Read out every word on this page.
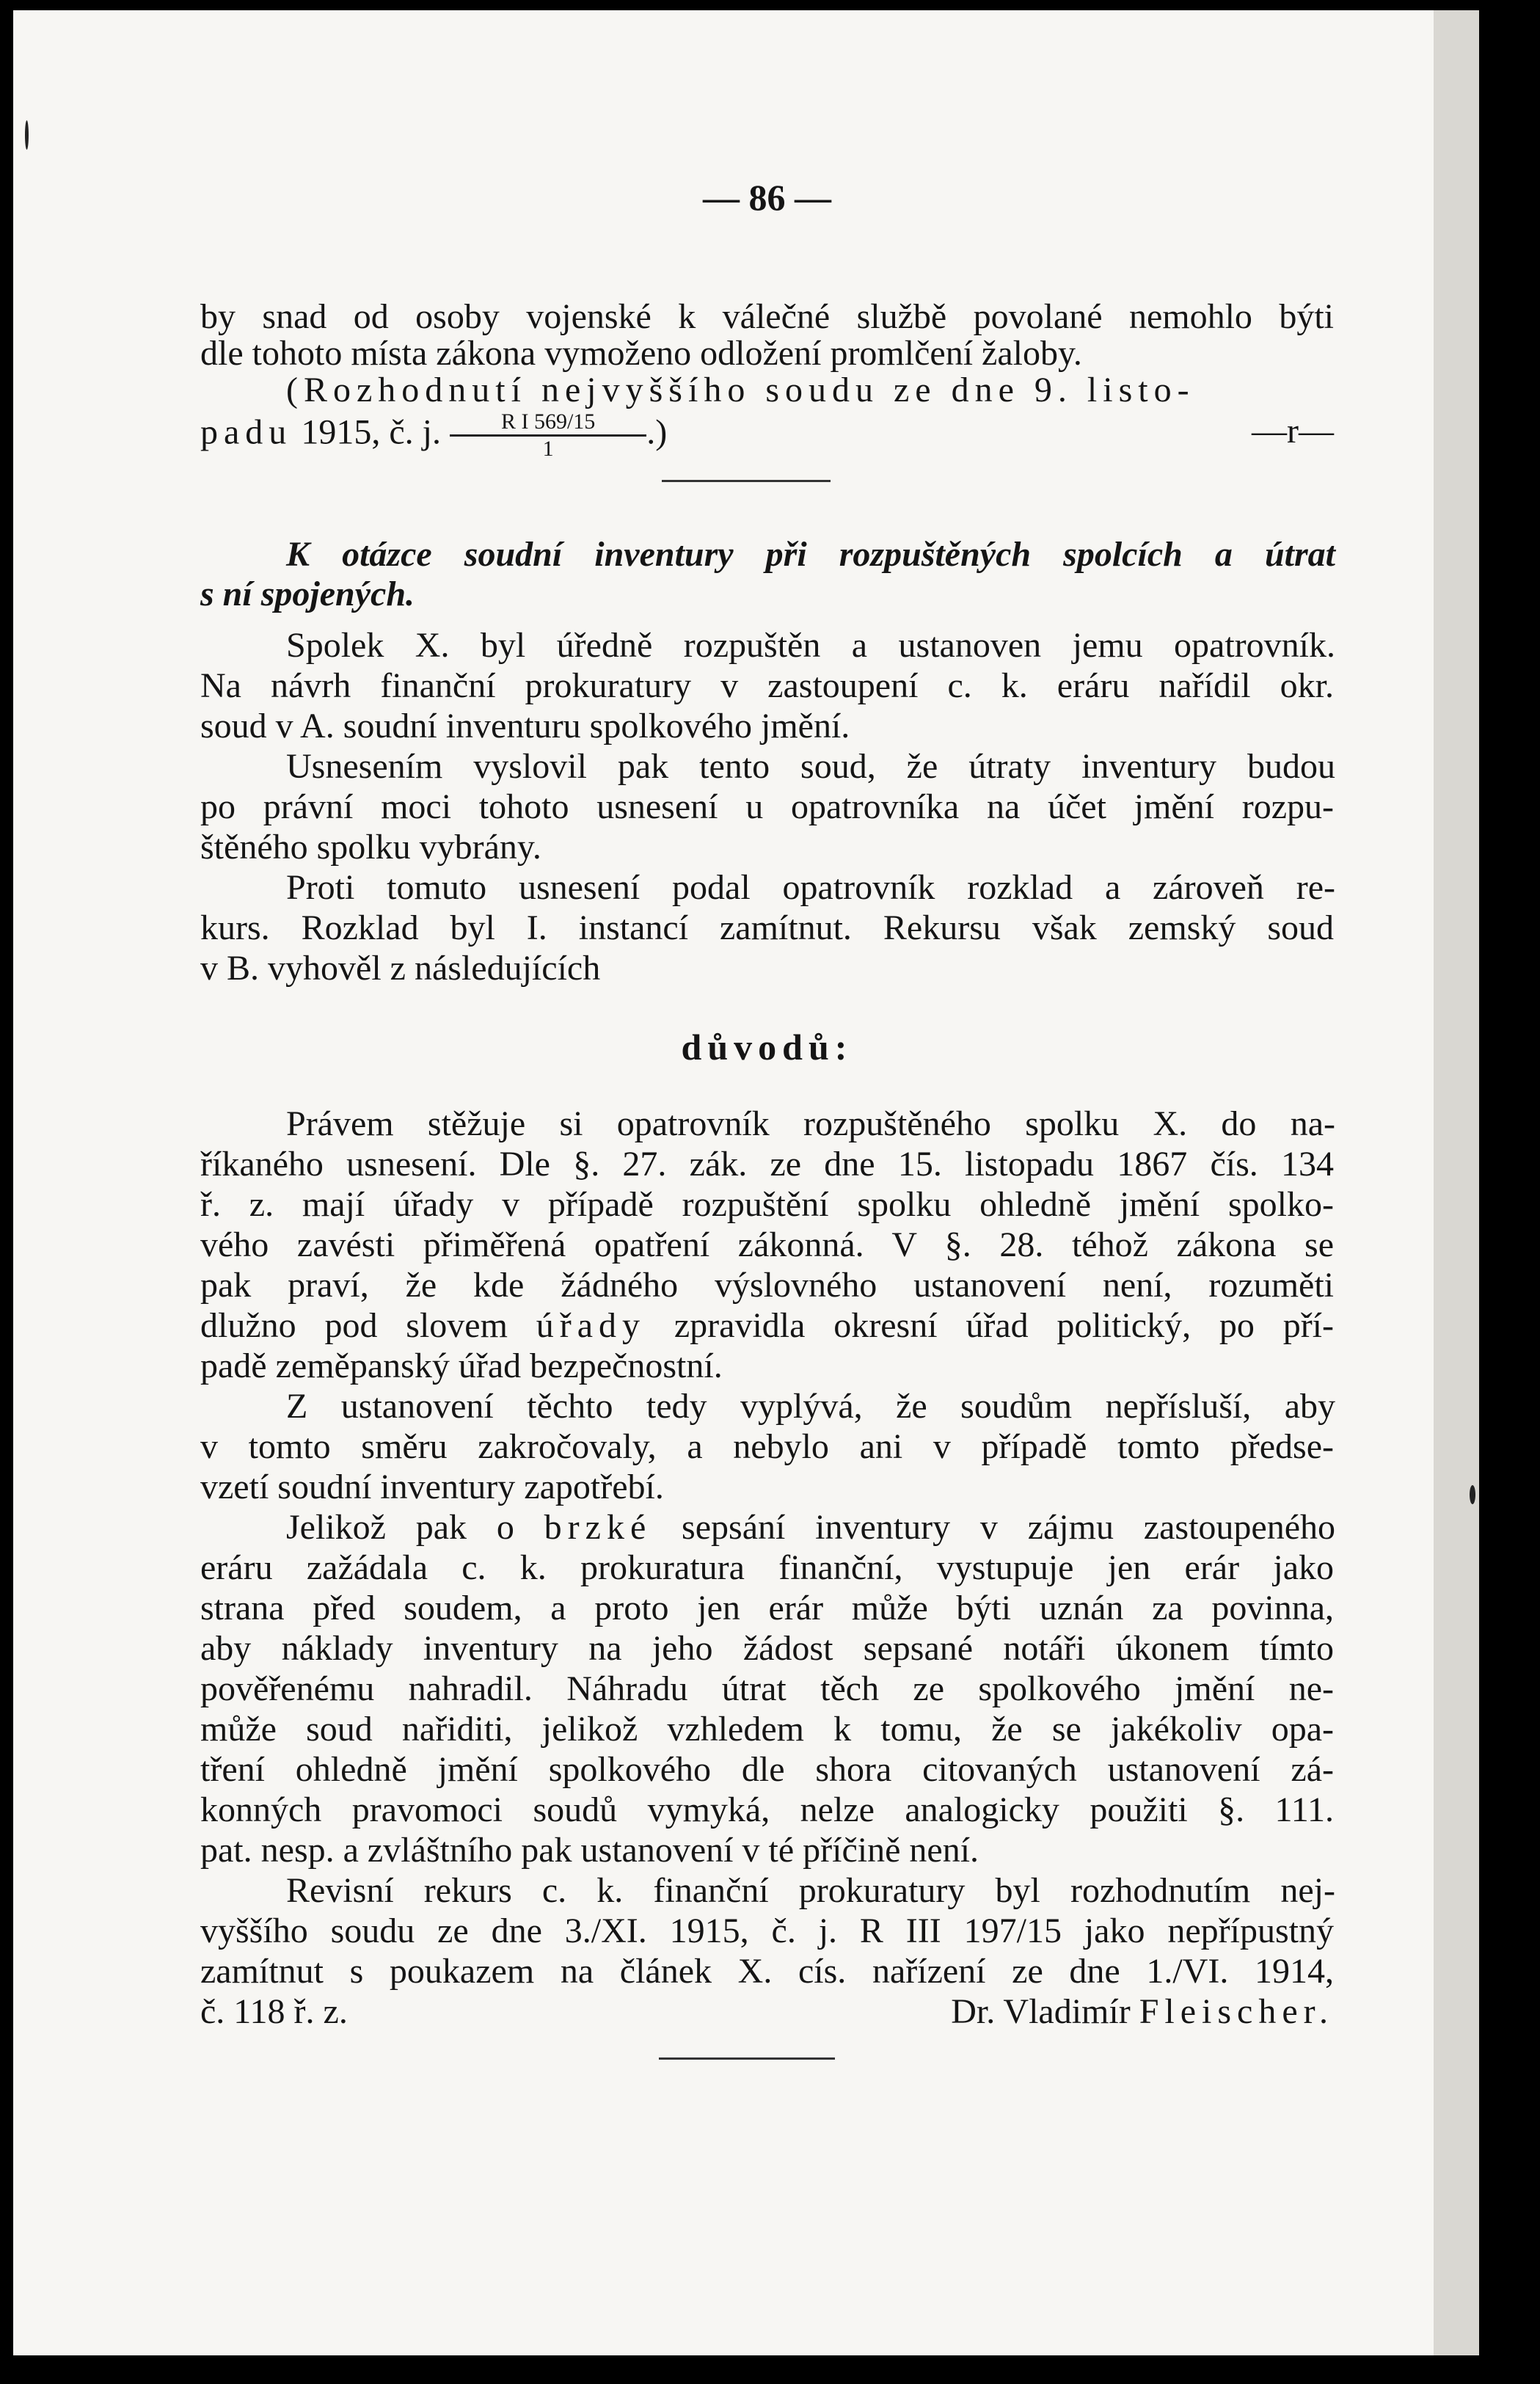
— 86 —
by snad od osoby vojenské k válečné službě povolané nemohlo býti
dle tohoto místa zákona vymoženo odložení promlčení žaloby.
(Rozhodnutí nejvyššího soudu ze dne 9. listo-
padu 1915, č. j. $\frac{\text{R I 569/15}}{1}$ .)	—r—
K otázce soudní inventury při rozpuštěných spolcích a útrat
s ní spojených.
Spolek X. byl úředně rozpuštěn a ustanoven jemu opatrovník.
Na návrh finanční prokuratury v zastoupení c. k. eráru nařídil okr.
soud v A. soudní inventuru spolkového jmění.
Usnesením vyslovil pak tento soud, že útraty inventury budou
po právní moci tohoto usnesení u opatrovníka na účet jmění rozpu-
štěného spolku vybrány.
Proti tomuto usnesení podal opatrovník rozklad a zároveň re-
kurs. Rozklad byl I. instancí zamítnut. Rekursu však zemský soud
v B. vyhověl z následujících
důvodů:
Právem stěžuje si opatrovník rozpuštěného spolku X. do na-
říkaného usnesení. Dle §. 27. zák. ze dne 15. listopadu 1867 čís. 134
ř. z. mají úřady v případě rozpuštění spolku ohledně jmění spolko-
vého zavésti přiměřená opatření zákonná. V §. 28. téhož zákona se
pak praví, že kde žádného výslovného ustanovení není, rozuměti
dlužno pod slovem úřady zpravidla okresní úřad politický, po pří-
padě zeměpanský úřad bezpečnostní.
Z ustanovení těchto tedy vyplývá, že soudům nepřísluší, aby
v tomto směru zakročovaly, a nebylo ani v případě tomto předse-
vzetí soudní inventury zapotřebí.
Jelikož pak o brzké sepsání inventury v zájmu zastoupeného
eráru zažádala c. k. prokuratura finanční, vystupuje jen erár jako
strana před soudem, a proto jen erár může býti uznán za povinna,
aby náklady inventury na jeho žádost sepsané notáři úkonem tímto
pověřenému nahradil. Náhradu útrat těch ze spolkového jmění ne-
může soud nařiditi, jelikož vzhledem k tomu, že se jakékoliv opa-
tření ohledně jmění spolkového dle shora citovaných ustanovení zá-
konných pravomoci soudů vymyká, nelze analogicky použiti §. 111.
pat. nesp. a zvláštního pak ustanovení v té příčině není.
Revisní rekurs c. k. finanční prokuratury byl rozhodnutím nej-
vyššího soudu ze dne 3./XI. 1915, č. j. R III 197/15 jako nepřípustný
zamítnut s poukazem na článek X. cís. nařízení ze dne 1./VI. 1914,
č. 118 ř. z.	Dr. Vladimír Fleischer.
